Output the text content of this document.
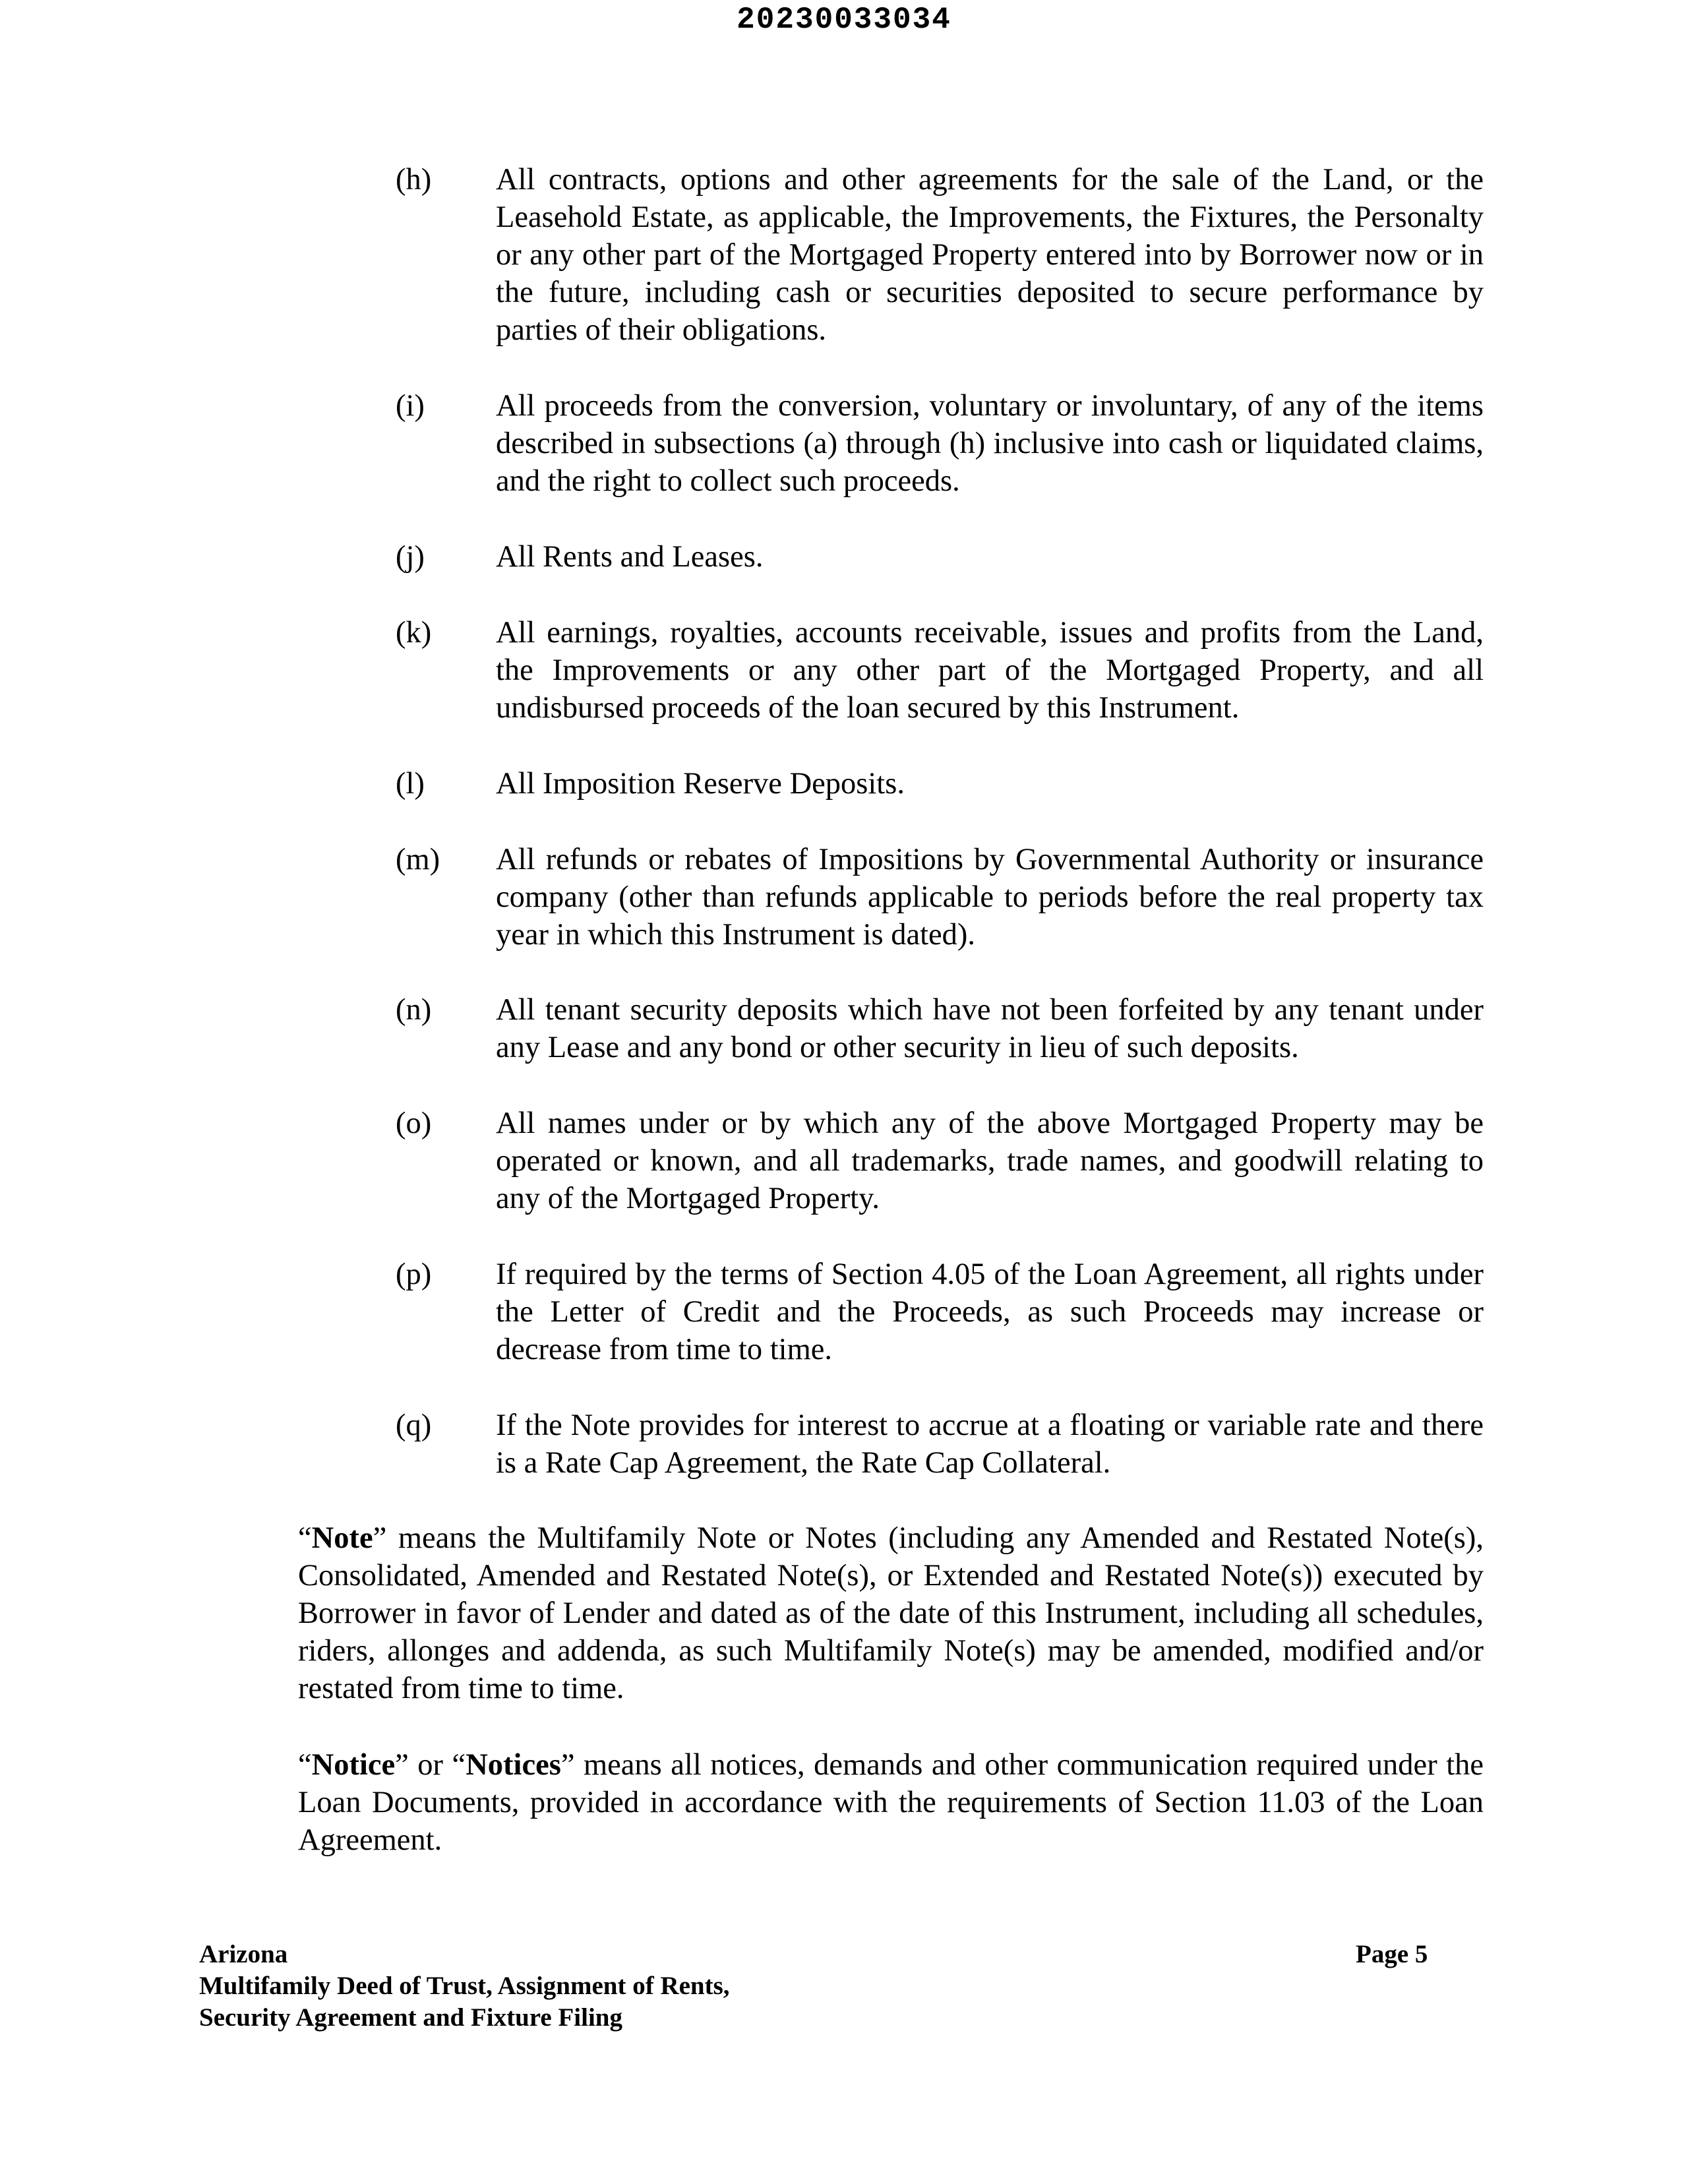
20230033034
(h) All contracts, options and other agreements for the sale of the Land, or the Leasehold Estate, as applicable, the Improvements, the Fixtures, the Personalty or any other part of the Mortgaged Property entered into by Borrower now or in the future, including cash or securities deposited to secure performance by parties of their obligations.
(i) All proceeds from the conversion, voluntary or involuntary, of any of the items described in subsections (a) through (h) inclusive into cash or liquidated claims, and the right to collect such proceeds.
(j) All Rents and Leases.
(k) All earnings, royalties, accounts receivable, issues and profits from the Land, the Improvements or any other part of the Mortgaged Property, and all undisbursed proceeds of the loan secured by this Instrument.
(l) All Imposition Reserve Deposits.
(m) All refunds or rebates of Impositions by Governmental Authority or insurance company (other than refunds applicable to periods before the real property tax year in which this Instrument is dated).
(n) All tenant security deposits which have not been forfeited by any tenant under any Lease and any bond or other security in lieu of such deposits.
(o) All names under or by which any of the above Mortgaged Property may be operated or known, and all trademarks, trade names, and goodwill relating to any of the Mortgaged Property.
(p) If required by the terms of Section 4.05 of the Loan Agreement, all rights under the Letter of Credit and the Proceeds, as such Proceeds may increase or decrease from time to time.
(q) If the Note provides for interest to accrue at a floating or variable rate and there is a Rate Cap Agreement, the Rate Cap Collateral.
“Note” means the Multifamily Note or Notes (including any Amended and Restated Note(s), Consolidated, Amended and Restated Note(s), or Extended and Restated Note(s)) executed by Borrower in favor of Lender and dated as of the date of this Instrument, including all schedules, riders, allonges and addenda, as such Multifamily Note(s) may be amended, modified and/or restated from time to time.
“Notice” or “Notices” means all notices, demands and other communication required under the Loan Documents, provided in accordance with the requirements of Section 11.03 of the Loan Agreement.
Arizona
Multifamily Deed of Trust, Assignment of Rents,
Security Agreement and Fixture Filing
Page 5
